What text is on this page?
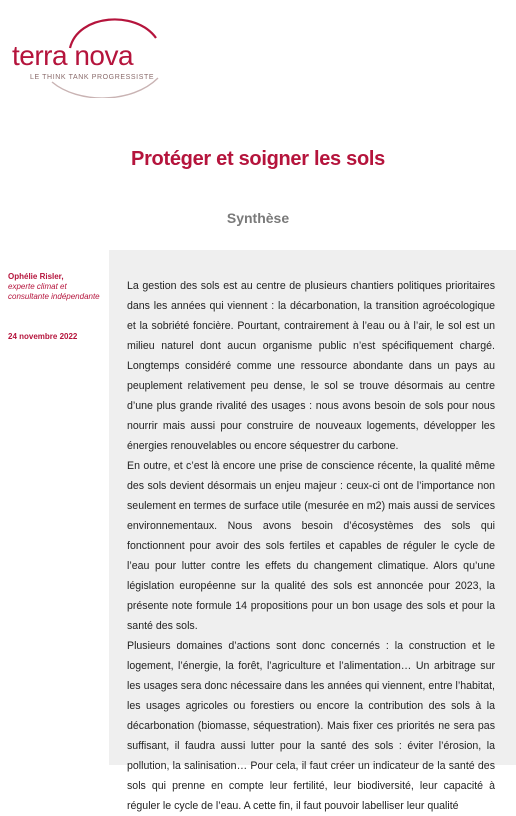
terra nova
LE THINK TANK PROGRESSISTE
Protéger et soigner les sols
Synthèse
Ophélie Risler,
experte climat et consultante indépendante
24 novembre 2022

La gestion des sols est au centre de plusieurs chantiers politiques prioritaires dans les années qui viennent : la décarbonation, la transition agroécologique et la sobriété foncière. Pourtant, contrairement à l’eau ou à l’air, le sol est un milieu naturel dont aucun organisme public n’est spécifiquement chargé. Longtemps considéré comme une ressource abondante dans un pays au peuplement relativement peu dense, le sol se trouve désormais au centre d’une plus grande rivalité des usages : nous avons besoin de sols pour nous nourrir mais aussi pour construire de nouveaux logements, développer les énergies renouvelables ou encore séquestrer du carbone.

En outre, et c’est là encore une prise de conscience récente, la qualité même des sols devient désormais un enjeu majeur : ceux-ci ont de l’importance non seulement en termes de surface utile (mesurée en m2) mais aussi de services environnementaux. Nous avons besoin d’écosystèmes des sols qui fonctionnent pour avoir des sols fertiles et capables de réguler le cycle de l’eau pour lutter contre les effets du changement climatique. Alors qu’une législation européenne sur la qualité des sols est annoncée pour 2023, la présente note formule 14 propositions pour un bon usage des sols et pour la santé des sols.

Plusieurs domaines d’actions sont donc concernés : la construction et le logement, l’énergie, la forêt, l’agriculture et l’alimentation… Un arbitrage sur les usages sera donc nécessaire dans les années qui viennent, entre l’habitat, les usages agricoles ou forestiers ou encore la contribution des sols à la décarbonation (biomasse, séquestration). Mais fixer ces priorités ne sera pas suffisant, il faudra aussi lutter pour la santé des sols : éviter l’érosion, la pollution, la salinisation… Pour cela, il faut créer un indicateur de la santé des sols qui prenne en compte leur fertilité, leur biodiversité, leur capacité à réguler le cycle de l’eau. A cette fin, il faut pouvoir labelliser leur qualité
